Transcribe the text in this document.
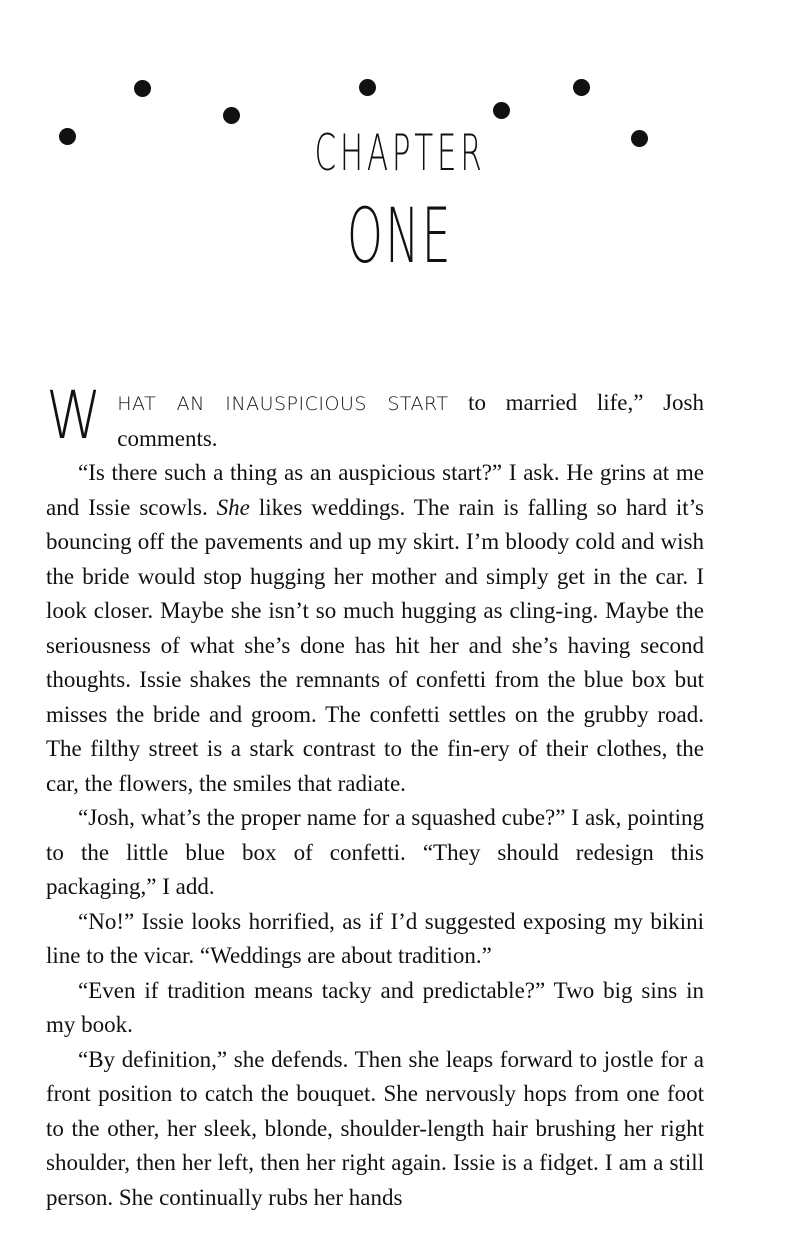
CHAPTER
ONE

WHAT AN INAUSPICIOUS START to married life,” Josh comments.

“Is there such a thing as an auspicious start?” I ask. He grins at me and Issie scowls. She likes weddings. The rain is falling so hard it’s bouncing off the pavements and up my skirt. I’m bloody cold and wish the bride would stop hugging her mother and simply get in the car. I look closer. Maybe she isn’t so much hugging as cling-ing. Maybe the seriousness of what she’s done has hit her and she’s having second thoughts. Issie shakes the remnants of confetti from the blue box but misses the bride and groom. The confetti settles on the grubby road. The filthy street is a stark contrast to the fin-ery of their clothes, the car, the flowers, the smiles that radiate.

“Josh, what’s the proper name for a squashed cube?” I ask, pointing to the little blue box of confetti. “They should redesign this packaging,” I add.

“No!” Issie looks horrified, as if I’d suggested exposing my bikini line to the vicar. “Weddings are about tradition.”

“Even if tradition means tacky and predictable?” Two big sins in my book.

“By definition,” she defends. Then she leaps forward to jostle for a front position to catch the bouquet. She nervously hops from one foot to the other, her sleek, blonde, shoulder-length hair brushing her right shoulder, then her left, then her right again. Issie is a fidget. I am a still person. She continually rubs her hands
